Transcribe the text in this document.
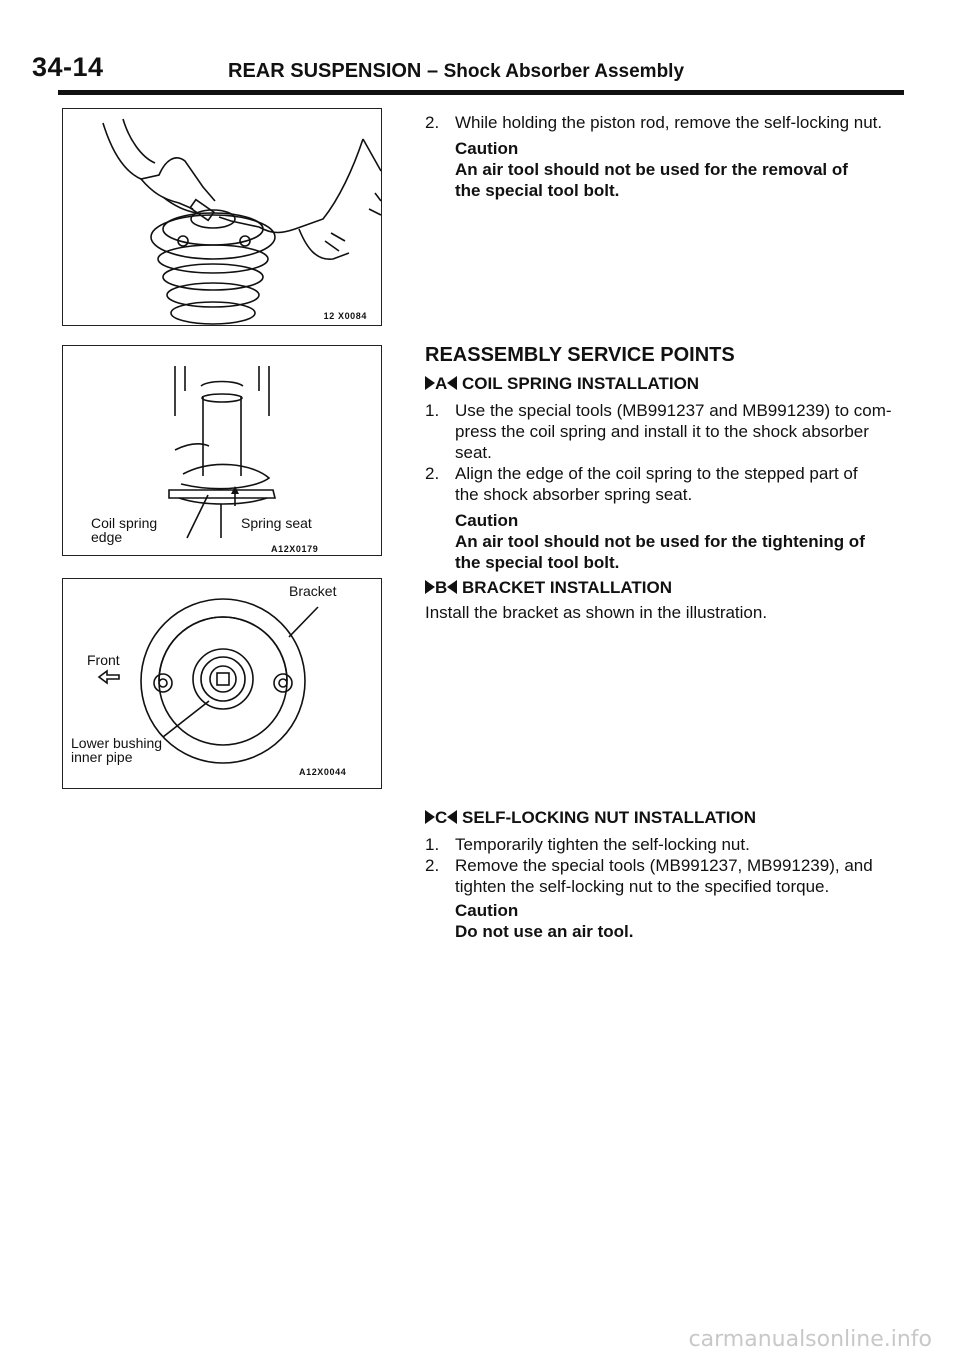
34-14	REAR SUSPENSION – Shock Absorber Assembly
12 X0084
Coil spring
edge
Spring seat
A12X0179
Bracket
Front
Lower bushing
inner pipe
A12X0044
2. While holding the piston rod, remove the self-locking nut.
Caution
An air tool should not be used for the removal of
the special tool bolt.
REASSEMBLY SERVICE POINTS
A COIL SPRING INSTALLATION
1. Use the special tools (MB991237 and MB991239) to com-
press the coil spring and install it to the shock absorber
seat.
2. Align the edge of the coil spring to the stepped part of
the shock absorber spring seat.
Caution
An air tool should not be used for the tightening of
the special tool bolt.
B BRACKET INSTALLATION
Install the bracket as shown in the illustration.
C SELF-LOCKING NUT INSTALLATION
1. Temporarily tighten the self-locking nut.
2. Remove the special tools (MB991237, MB991239), and
tighten the self-locking nut to the specified torque.
Caution
Do not use an air tool.
carmanualsonline.info
